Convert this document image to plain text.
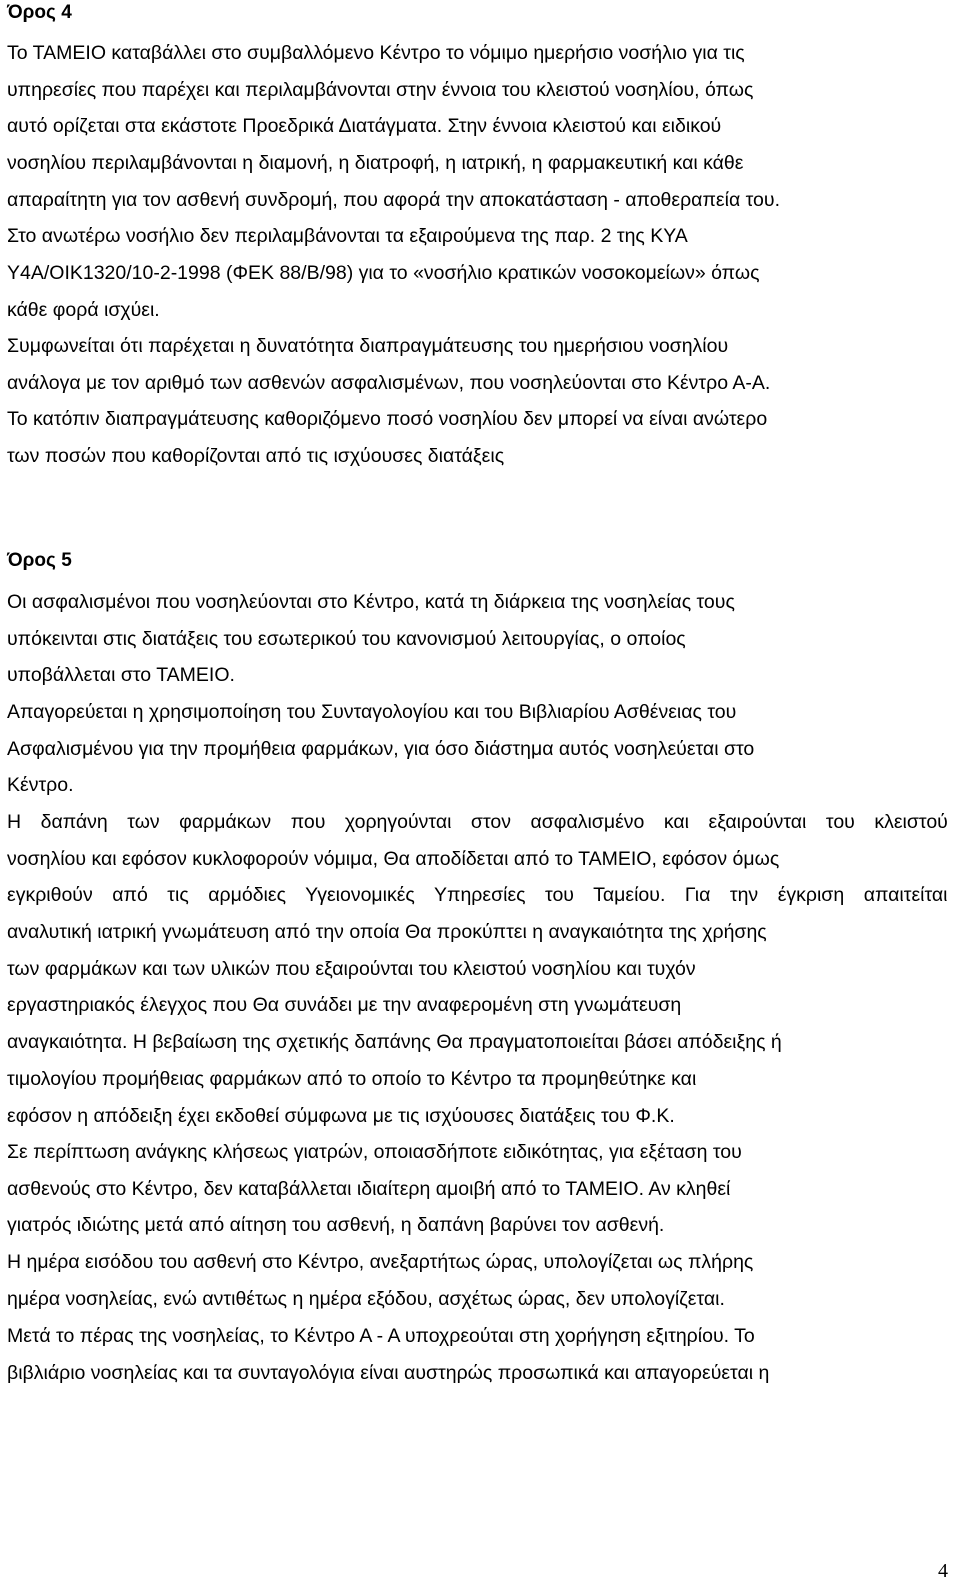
Όρος 4

Το ΤΑΜΕΙΟ καταβάλλει στο συμβαλλόμενο Κέντρο το νόμιμο ημερήσιο νοσήλιο για τις
υπηρεσίες που παρέχει και περιλαμβάνονται στην έννοια του κλειστού νοσηλίου, όπως
αυτό ορίζεται στα εκάστοτε Προεδρικά Διατάγματα. Στην έννοια κλειστού και ειδικού
νοσηλίου περιλαμβάνονται η διαμονή, η διατροφή, η ιατρική, η φαρμακευτική και κάθε
απαραίτητη για τον ασθενή συνδρομή, που αφορά την αποκατάσταση - αποθεραπεία του.
Στο ανωτέρω νοσήλιο δεν περιλαμβάνονται τα εξαιρούμενα της παρ. 2 της ΚΥΑ
Υ4Α/ΟΙΚ1320/10-2-1998 (ΦΕΚ 88/Β/98) για το «νοσήλιο κρατικών νοσοκομείων» όπως
κάθε φορά ισχύει.

Συμφωνείται ότι παρέχεται η δυνατότητα διαπραγμάτευσης του ημερήσιου νοσηλίου
ανάλογα με τον αριθμό των ασθενών ασφαλισμένων, που νοσηλεύονται στο Κέντρο Α-Α.
Το κατόπιν διαπραγμάτευσης καθοριζόμενο ποσό νοσηλίου δεν μπορεί να είναι ανώτερο
των ποσών που καθορίζονται από τις ισχύουσες διατάξεις

Όρος 5

Οι ασφαλισμένοι που νοσηλεύονται στο Κέντρο, κατά τη διάρκεια της νοσηλείας τους
υπόκεινται στις διατάξεις του εσωτερικού του κανονισμού λειτουργίας, ο οποίος
υποβάλλεται στο ΤΑΜΕΙΟ.

Απαγορεύεται η χρησιμοποίηση του Συνταγολογίου και του Βιβλιαρίου Ασθένειας του
Ασφαλισμένου για την προμήθεια φαρμάκων, για όσο διάστημα αυτός νοσηλεύεται στο
Κέντρο.

Η δαπάνη των φαρμάκων που χορηγούνται στον ασφαλισμένο και εξαιρούνται του κλειστού
νοσηλίου και εφόσον κυκλοφορούν νόμιμα, Θα αποδίδεται από το ΤΑΜΕΙΟ, εφόσον όμως
εγκριθούν από τις αρμόδιες Υγειονομικές Υπηρεσίες του Ταμείου. Για την έγκριση απαιτείται
αναλυτική ιατρική γνωμάτευση από την οποία Θα προκύπτει η αναγκαιότητα της χρήσης
των φαρμάκων και των υλικών που εξαιρούνται του κλειστού νοσηλίου και τυχόν
εργαστηριακός έλεγχος που Θα συνάδει με την αναφερομένη στη γνωμάτευση
αναγκαιότητα. Η βεβαίωση της σχετικής δαπάνης Θα πραγματοποιείται βάσει απόδειξης ή
τιμολογίου προμήθειας φαρμάκων από το οποίο το Κέντρο τα προμηθεύτηκε και
εφόσον η απόδειξη έχει εκδοθεί σύμφωνα με τις ισχύουσες διατάξεις του Φ.Κ.

Σε περίπτωση ανάγκης κλήσεως γιατρών, οποιασδήποτε ειδικότητας, για εξέταση του
ασθενούς στο Κέντρο, δεν καταβάλλεται ιδιαίτερη αμοιβή από το ΤΑΜΕΙΟ. Αν κληθεί
γιατρός ιδιώτης μετά από αίτηση του ασθενή, η δαπάνη βαρύνει τον ασθενή.

Η ημέρα εισόδου του ασθενή στο Κέντρο, ανεξαρτήτως ώρας, υπολογίζεται ως πλήρης
ημέρα νοσηλείας, ενώ αντιθέτως η ημέρα εξόδου, ασχέτως ώρας, δεν υπολογίζεται.

Μετά το πέρας της νοσηλείας, το Κέντρο Α - Α υποχρεούται στη χορήγηση εξιτηρίου. Το
βιβλιάριο νοσηλείας και τα συνταγολόγια είναι αυστηρώς προσωπικά και απαγορεύεται η

4
